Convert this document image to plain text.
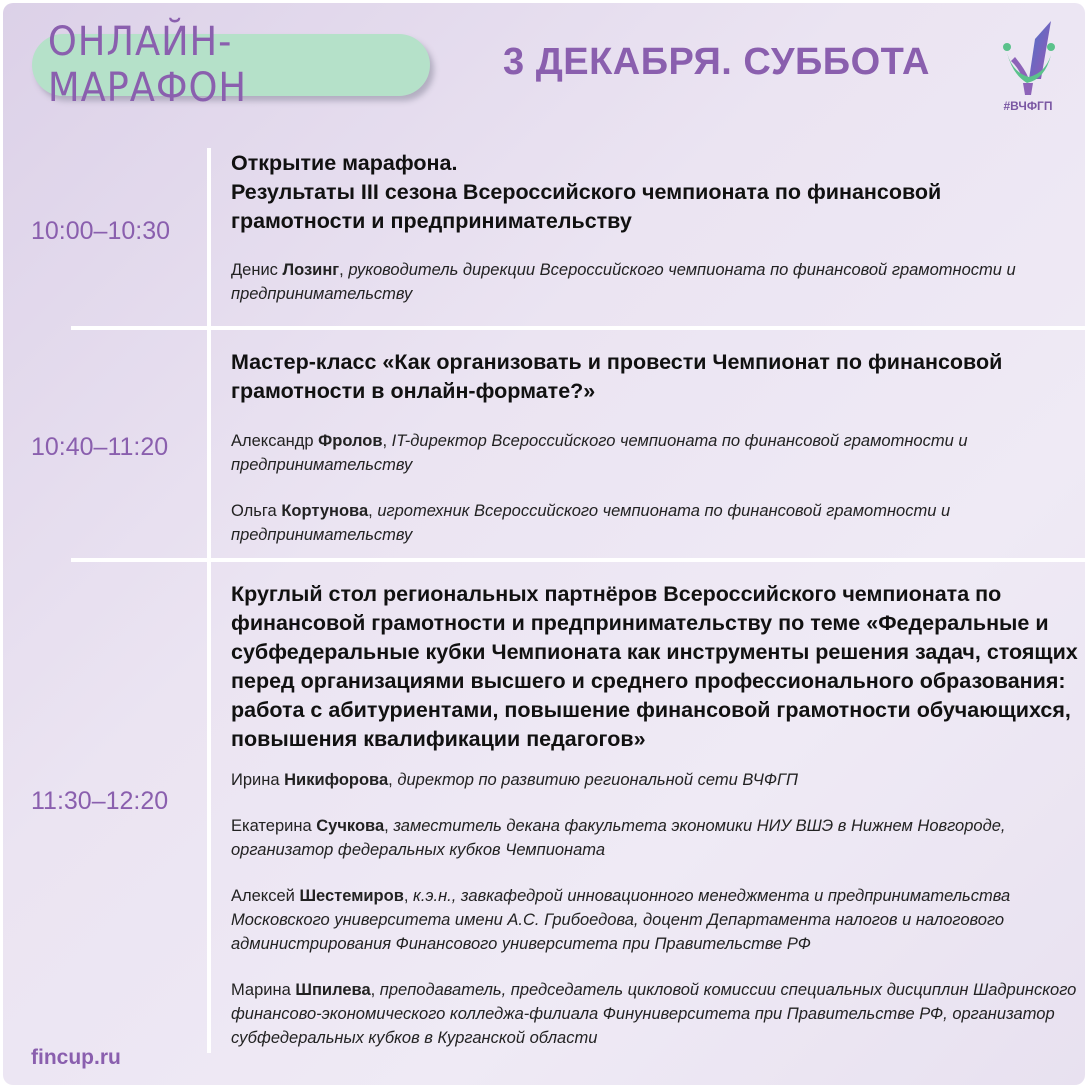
ОНЛАЙН-МАРАФОН
3 ДЕКАБРЯ. СУББОТА
#ВЧФГП
10:00–10:30

Открытие марафона.

Результаты III сезона Всероссийского чемпионата по финансовой грамотности и предпринимательству

Денис Лозинг, руководитель дирекции Всероссийского чемпионата по финансовой грамотности и предпринимательству

10:40–11:20

Мастер-класс «Как организовать и провести Чемпионат по финансовой грамотности в онлайн-формате?»

Александр Фролов, IT-директор Всероссийского чемпионата по финансовой грамотности и предпринимательству

Ольга Кортунова, игротехник Всероссийского чемпионата по финансовой грамотности и предпринимательству

11:30–12:20

Круглый стол региональных партнёров Всероссийского чемпионата по финансовой грамотности и предпринимательству по теме «Федеральные и субфедеральные кубки Чемпионата как инструменты решения задач, стоящих перед организациями высшего и среднего профессионального образования: работа с абитуриентами, повышение финансовой грамотности обучающихся, повышения квалификации педагогов»

Ирина Никифорова, директор по развитию региональной сети ВЧФГП

Екатерина Сучкова, заместитель декана факультета экономики НИУ ВШЭ в Нижнем Новгороде, организатор федеральных кубков Чемпионата

Алексей Шестемиров, к.э.н., завкафедрой инновационного менеджмента и предпринимательства Московского университета имени А.С. Грибоедова, доцент Департамента налогов и налогового администрирования Финансового университета при Правительстве РФ

Марина Шпилева, преподаватель, председатель цикловой комиссии специальных дисциплин Шадринского финансово-экономического колледжа-филиала Финуниверситета при Правительстве РФ, организатор субфедеральных кубков в Курганской области

fincup.ru
